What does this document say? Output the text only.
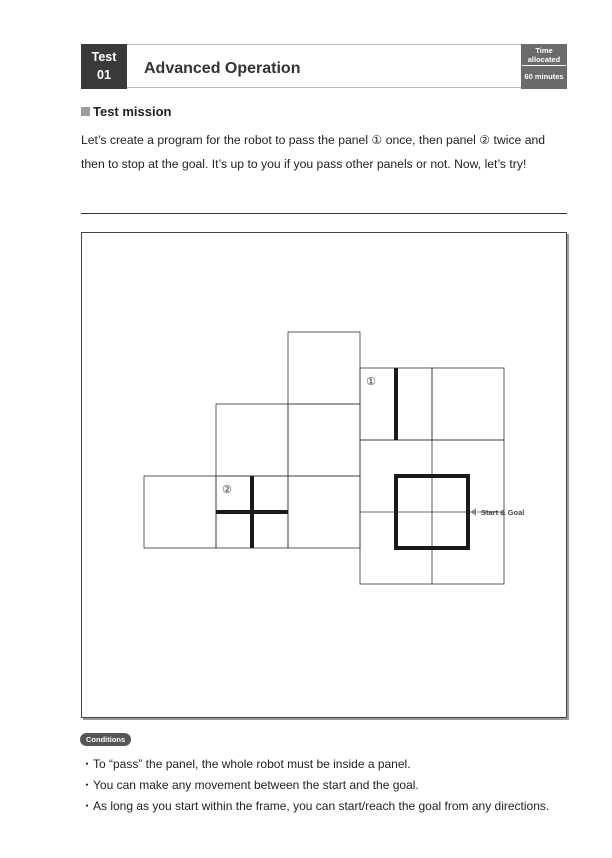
Test
01	Advanced Operation
Time
allocated
60 minutes
Test mission
Let’s create a program for the robot to pass the panel ① once, then panel ② twice and
then to stop at the goal. It’s up to you if you pass other panels or not. Now, let’s try!
①
②
Start & Goal
Conditions
・To “pass” the panel, the whole robot must be inside a panel.
・You can make any movement between the start and the goal.
・As long as you start within the frame, you can start/reach the goal from any directions.
